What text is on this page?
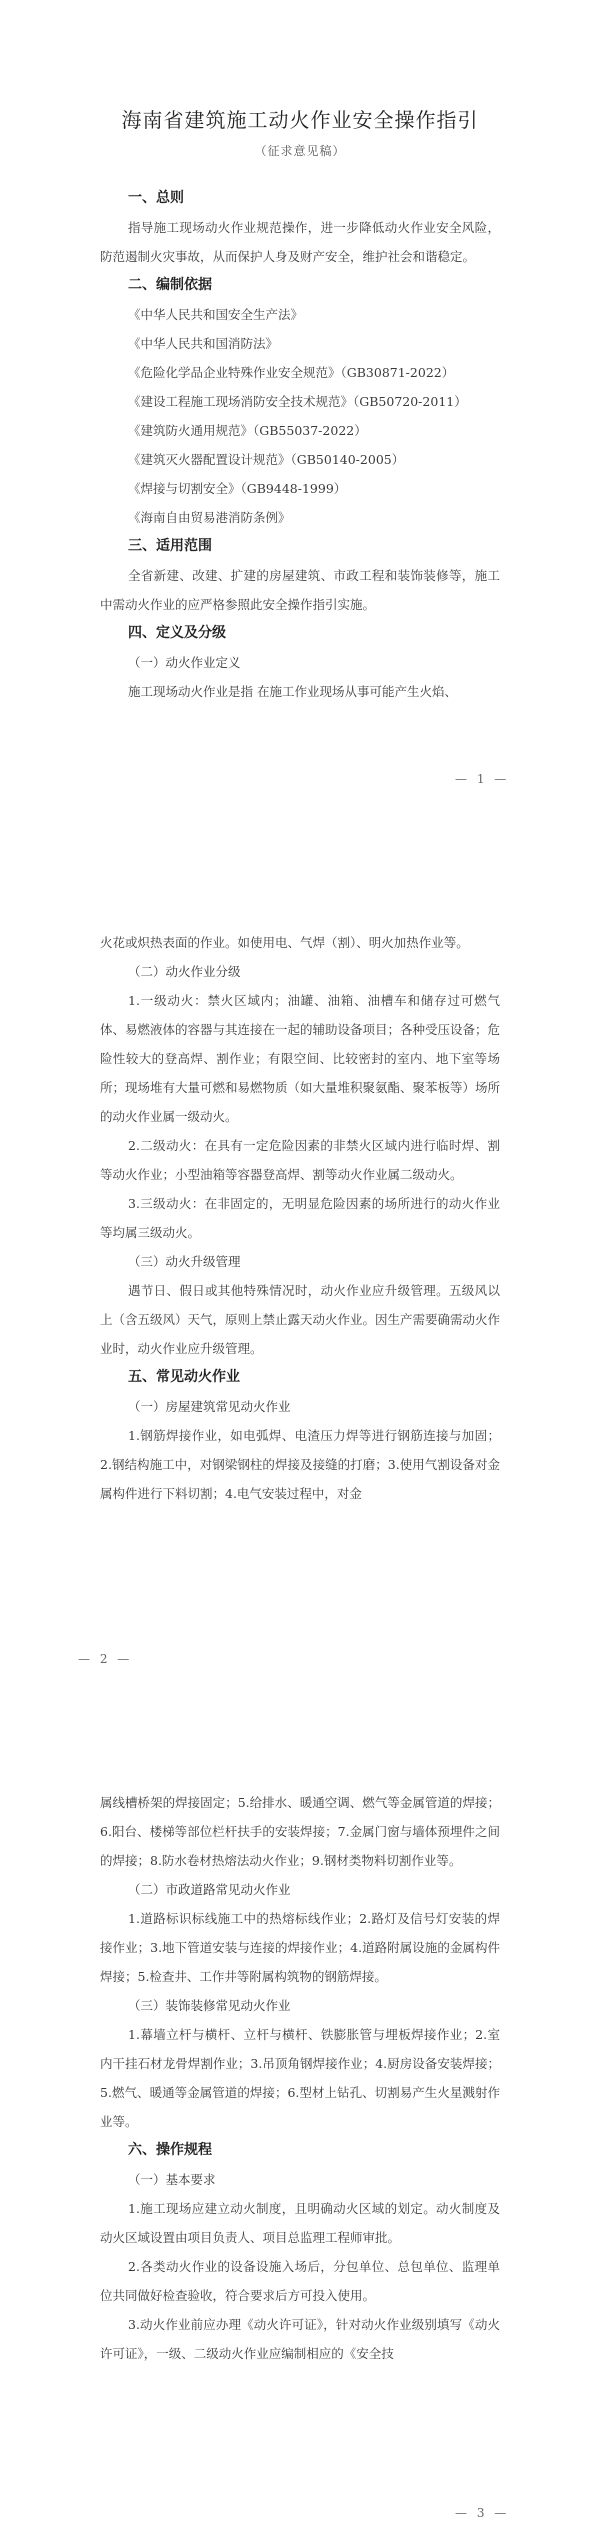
海南省建筑施工动火作业安全操作指引
（征求意见稿）

一、总则

指导施工现场动火作业规范操作，进一步降低动火作业安全风险，防范遏制火灾事故，从而保护人身及财产安全，维护社会和谐稳定。

二、编制依据

《中华人民共和国安全生产法》

《中华人民共和国消防法》

《危险化学品企业特殊作业安全规范》（GB30871-2022）

《建设工程施工现场消防安全技术规范》（GB50720-2011）

《建筑防火通用规范》（GB55037-2022）

《建筑灭火器配置设计规范》（GB50140-2005）

《焊接与切割安全》（GB9448-1999）

《海南自由贸易港消防条例》

三、适用范围

全省新建、改建、扩建的房屋建筑、市政工程和装饰装修等，施工中需动火作业的应严格参照此安全操作指引实施。

四、定义及分级

（一）动火作业定义

施工现场动火作业是指 在施工作业现场从事可能产生火焰、

— 1 —

火花或炽热表面的作业。如使用电、气焊（割）、明火加热作业等。

（二）动火作业分级

1.一级动火：禁火区域内；油罐、油箱、油槽车和储存过可燃气体、易燃液体的容器与其连接在一起的辅助设备项目；各种受压设备；危险性较大的登高焊、割作业；有限空间、比较密封的室内、地下室等场所；现场堆有大量可燃和易燃物质（如大量堆积聚氨酯、聚苯板等）场所的动火作业属一级动火。

2.二级动火：在具有一定危险因素的非禁火区域内进行临时焊、割等动火作业；小型油箱等容器登高焊、割等动火作业属二级动火。

3.三级动火：在非固定的，无明显危险因素的场所进行的动火作业等均属三级动火。

（三）动火升级管理

遇节日、假日或其他特殊情况时，动火作业应升级管理。五级风以上（含五级风）天气，原则上禁止露天动火作业。因生产需要确需动火作业时，动火作业应升级管理。

五、常见动火作业

（一）房屋建筑常见动火作业

1.钢筋焊接作业，如电弧焊、电渣压力焊等进行钢筋连接与加固；2.钢结构施工中，对钢梁钢柱的焊接及接缝的打磨；3.使用气割设备对金属构件进行下料切割；4.电气安装过程中，对金

— 2 —

属线槽桥架的焊接固定；5.给排水、暖通空调、燃气等金属管道的焊接；6.阳台、楼梯等部位栏杆扶手的安装焊接；7.金属门窗与墙体预埋件之间的焊接；8.防水卷材热熔法动火作业；9.钢材类物料切割作业等。

（二）市政道路常见动火作业

1.道路标识标线施工中的热熔标线作业；2.路灯及信号灯安装的焊接作业；3.地下管道安装与连接的焊接作业；4.道路附属设施的金属构件焊接；5.检查井、工作井等附属构筑物的钢筋焊接。

（三）装饰装修常见动火作业

1.幕墙立杆与横杆、立杆与横杆、铁膨胀管与埋板焊接作业；2.室内干挂石材龙骨焊割作业；3.吊顶角钢焊接作业；4.厨房设备安装焊接；5.燃气、暖通等金属管道的焊接；6.型材上钻孔、切割易产生火星溅射作业等。

六、操作规程

（一）基本要求

1.施工现场应建立动火制度，且明确动火区域的划定。动火制度及动火区域设置由项目负责人、项目总监理工程师审批。

2.各类动火作业的设备设施入场后，分包单位、总包单位、监理单位共同做好检查验收，符合要求后方可投入使用。

3.动火作业前应办理《动火许可证》，针对动火作业级别填写《动火许可证》，一级、二级动火作业应编制相应的《安全技

— 3 —
